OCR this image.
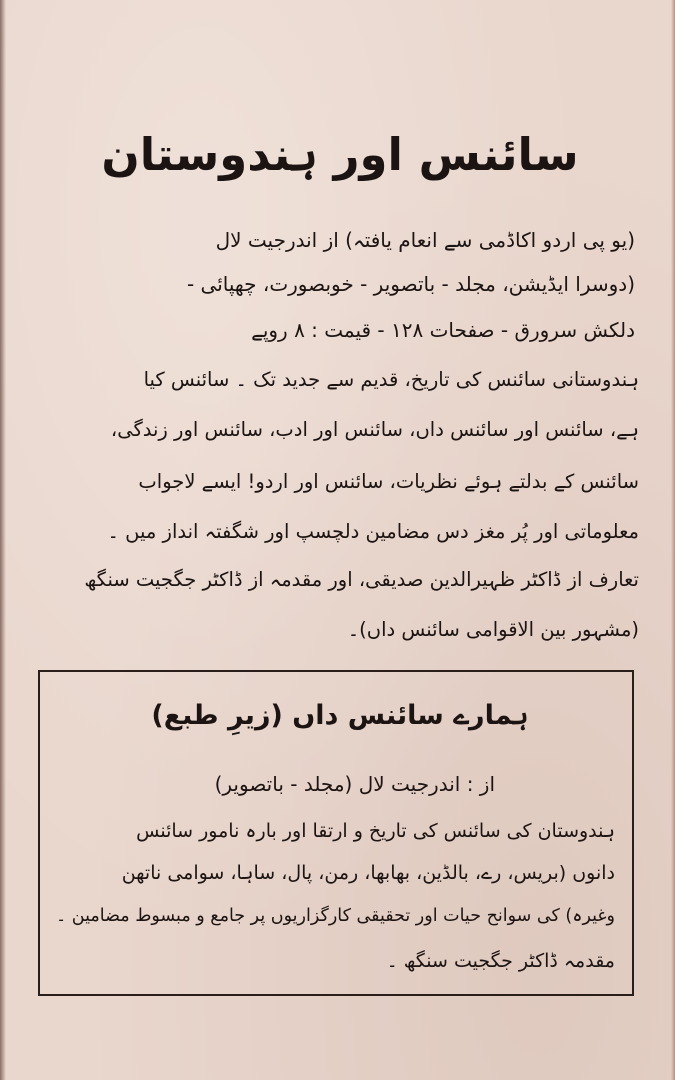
سائنس اور ہندوستان
(یو پی اردو اکاڈمی سے انعام یافتہ) از اندرجیت لال
(دوسرا ایڈیشن، مجلد - باتصویر - خوبصورت، چھپائی -
دلکش سرورق - صفحات ۱۲۸ - قیمت : ۸ روپے
ہندوستانی سائنس کی تاریخ، قدیم سے جدید تک ۔ سائنس کیا
ہے، سائنس اور سائنس داں، سائنس اور ادب، سائنس اور زندگی،
سائنس کے بدلتے ہوئے نظریات، سائنس اور اردو! ایسے لاجواب
معلوماتی اور پُر مغز دس مضامین دلچسپ اور شگفتہ انداز میں ۔
تعارف از ڈاکٹر ظہیرالدین صدیقی، اور مقدمہ از ڈاکٹر جگجیت سنگھ
(مشہور بین الاقوامی سائنس داں)۔
ہمارے سائنس داں (زیرِ طبع)
از : اندرجیت لال (مجلد - باتصویر)
ہندوستان کی سائنس کی تاریخ و ارتقا اور بارہ نامور سائنس
دانوں (بریس، رے، بالڈین، بھابھا، رمن، پال، ساہا، سوامی ناتھن
وغیرہ) کی سوانح حیات اور تحقیقی کارگزاریوں پر جامع و مبسوط مضامین ۔
مقدمہ ڈاکٹر جگجیت سنگھ ۔
